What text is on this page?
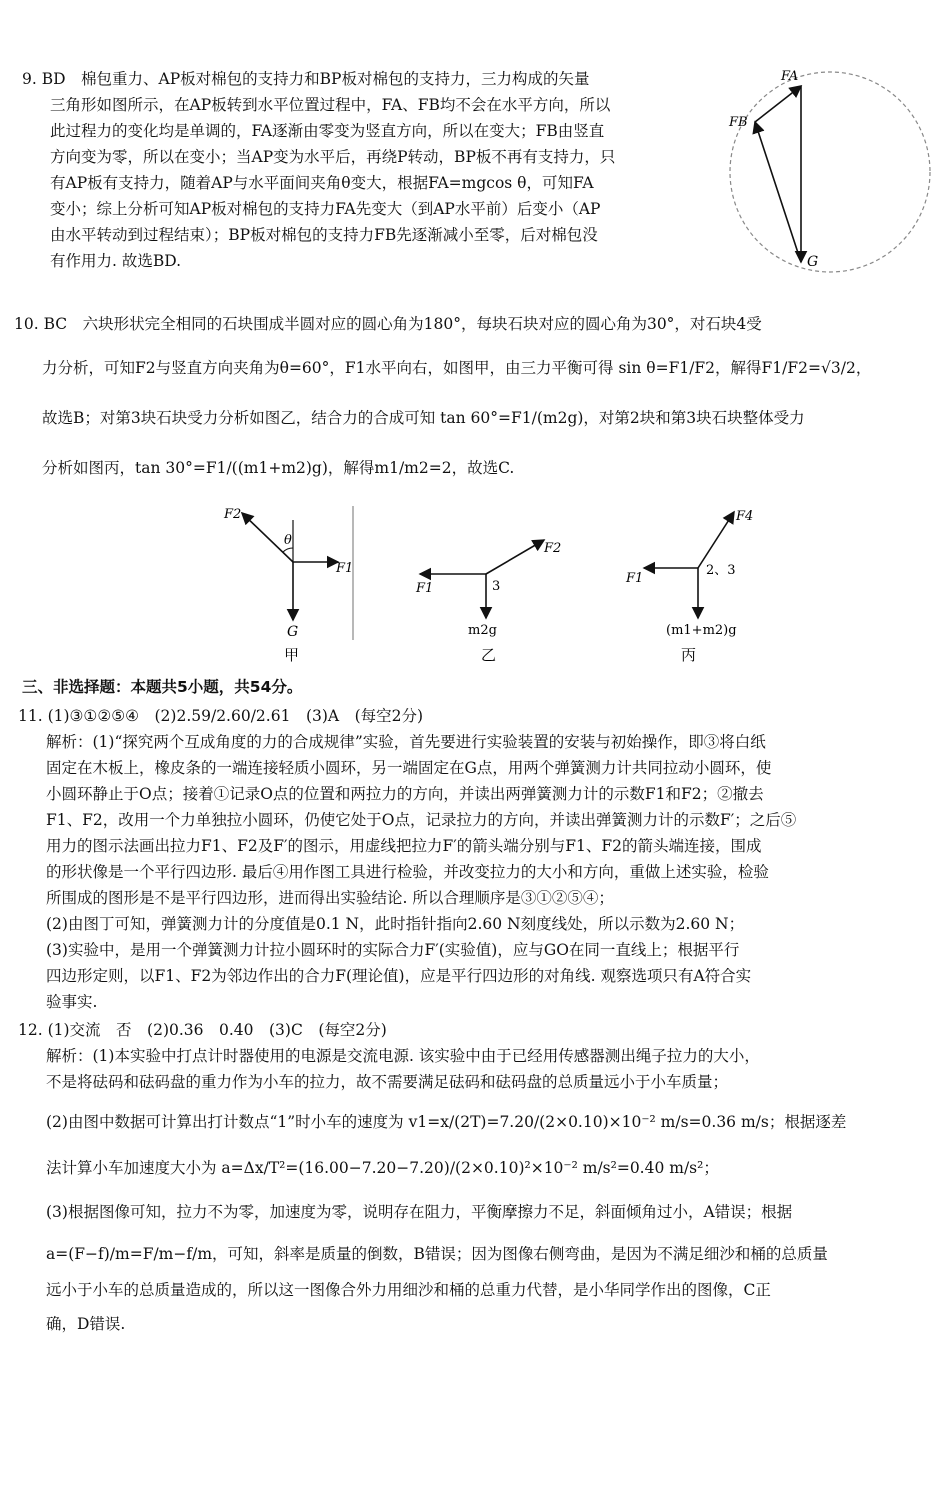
9. BD　棉包重力、AP板对棉包的支持力和BP板对棉包的支持力，三力构成的矢量
三角形如图所示，在AP板转到水平位置过程中，FA、FB均不会在水平方向，所以
此过程力的变化均是单调的，FA逐渐由零变为竖直方向，所以在变大；FB由竖直
方向变为零，所以在变小；当AP变为水平后，再绕P转动，BP板不再有支持力，只
有AP板有支持力，随着AP与水平面间夹角θ变大，根据FA=mgcos θ，可知FA
变小；综上分析可知AP板对棉包的支持力FA先变大（到AP水平前）后变小（AP
由水平转动到过程结束）；BP板对棉包的支持力FB先逐渐减小至零，后对棉包没
有作用力. 故选BD.
FA
FB
G
10. BC　六块形状完全相同的石块围成半圆对应的圆心角为180°，每块石块对应的圆心角为30°，对石块4受
力分析，可知F2与竖直方向夹角为θ=60°，F1水平向右，如图甲，由三力平衡可得 sin θ=F1/F2，解得F1/F2=√3/2，
故选B；对第3块石块受力分析如图乙，结合力的合成可知 tan 60°=F1/(m2g)，对第2块和第3块石块整体受力
分析如图丙，tan 30°=F1/((m1+m2)g)，解得m1/m2=2，故选C.
F2
θ
F1
G
甲
F2
F1	3
m2g
乙
F4
F1
2、3
(m1+m2)g
丙
三、非选择题：本题共5小题，共54分。
11. (1)③①②⑤④　(2)2.59/2.60/2.61　(3)A　(每空2分)
解析：(1)“探究两个互成角度的力的合成规律”实验，首先要进行实验装置的安装与初始操作，即③将白纸
固定在木板上，橡皮条的一端连接轻质小圆环，另一端固定在G点，用两个弹簧测力计共同拉动小圆环，使
小圆环静止于O点；接着①记录O点的位置和两拉力的方向，并读出两弹簧测力计的示数F1和F2；②撤去
F1、F2，改用一个力单独拉小圆环，仍使它处于O点，记录拉力的方向，并读出弹簧测力计的示数F′；之后⑤
用力的图示法画出拉力F1、F2及F′的图示，用虚线把拉力F′的箭头端分别与F1、F2的箭头端连接，围成
的形状像是一个平行四边形. 最后④用作图工具进行检验，并改变拉力的大小和方向，重做上述实验，检验
所围成的图形是不是平行四边形，进而得出实验结论. 所以合理顺序是③①②⑤④；
(2)由图丁可知，弹簧测力计的分度值是0.1 N，此时指针指向2.60 N刻度线处，所以示数为2.60 N；
(3)实验中，是用一个弹簧测力计拉小圆环时的实际合力F′(实验值)，应与GO在同一直线上；根据平行
四边形定则，以F1、F2为邻边作出的合力F(理论值)，应是平行四边形的对角线. 观察选项只有A符合实
验事实.
12. (1)交流　否　(2)0.36　0.40　(3)C　(每空2分)
解析：(1)本实验中打点计时器使用的电源是交流电源. 该实验中由于已经用传感器测出绳子拉力的大小，
不是将砝码和砝码盘的重力作为小车的拉力，故不需要满足砝码和砝码盘的总质量远小于小车质量；
(2)由图中数据可计算出打计数点“1”时小车的速度为 v1=x/(2T)=7.20/(2×0.10)×10⁻² m/s=0.36 m/s；根据逐差
法计算小车加速度大小为 a=Δx/T²=(16.00−7.20−7.20)/(2×0.10)²×10⁻² m/s²=0.40 m/s²；
(3)根据图像可知，拉力不为零，加速度为零，说明存在阻力，平衡摩擦力不足，斜面倾角过小，A错误；根据
a=(F−f)/m=F/m−f/m，可知，斜率是质量的倒数，B错误；因为图像右侧弯曲，是因为不满足细沙和桶的总质量
远小于小车的总质量造成的，所以这一图像合外力用细沙和桶的总重力代替，是小华同学作出的图像，C正
确，D错误.
